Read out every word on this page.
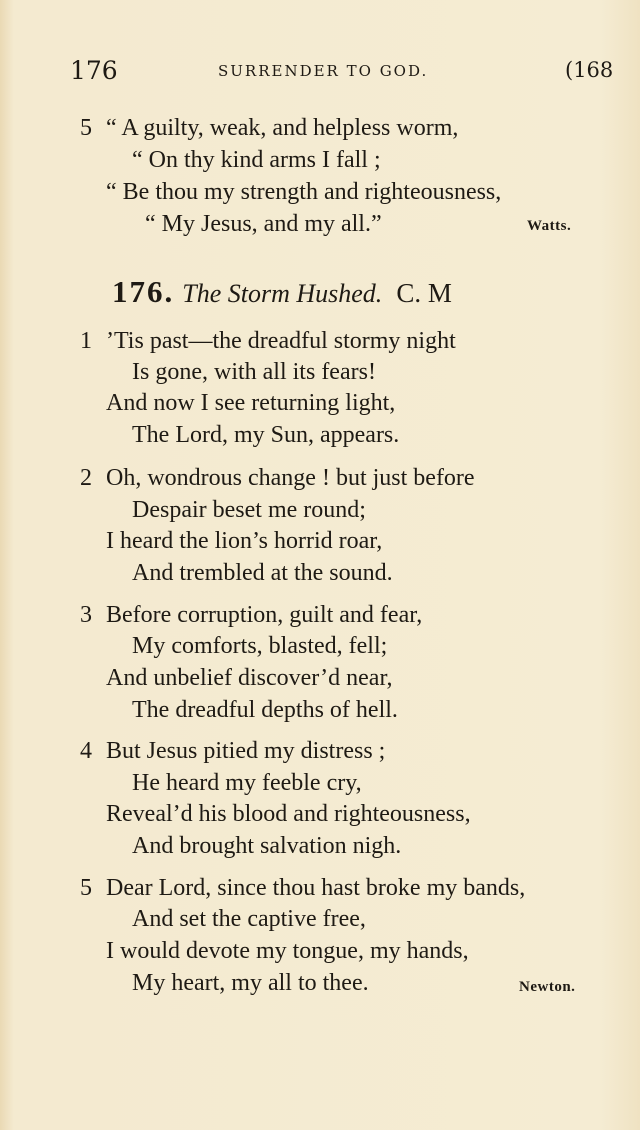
176	SURRENDER TO GOD.	(168
5 “ A guilty, weak, and helpless worm,
“ On thy kind arms I fall ;
“ Be thou my strength and righteousness,
“ My Jesus, and my all.”	Watts.
176. The Storm Hushed. C. M
1 ’Tis past—the dreadful stormy night
Is gone, with all its fears!
And now I see returning light,
The Lord, my Sun, appears.
2 Oh, wondrous change ! but just before
Despair beset me round;
I heard the lion’s horrid roar,
And trembled at the sound.
3 Before corruption, guilt and fear,
My comforts, blasted, fell;
And unbelief discover’d near,
The dreadful depths of hell.
4 But Jesus pitied my distress ;
He heard my feeble cry,
Reveal’d his blood and righteousness,
And brought salvation nigh.
5 Dear Lord, since thou hast broke my bands,
And set the captive free,
I would devote my tongue, my hands,
My heart, my all to thee.	Newton.
